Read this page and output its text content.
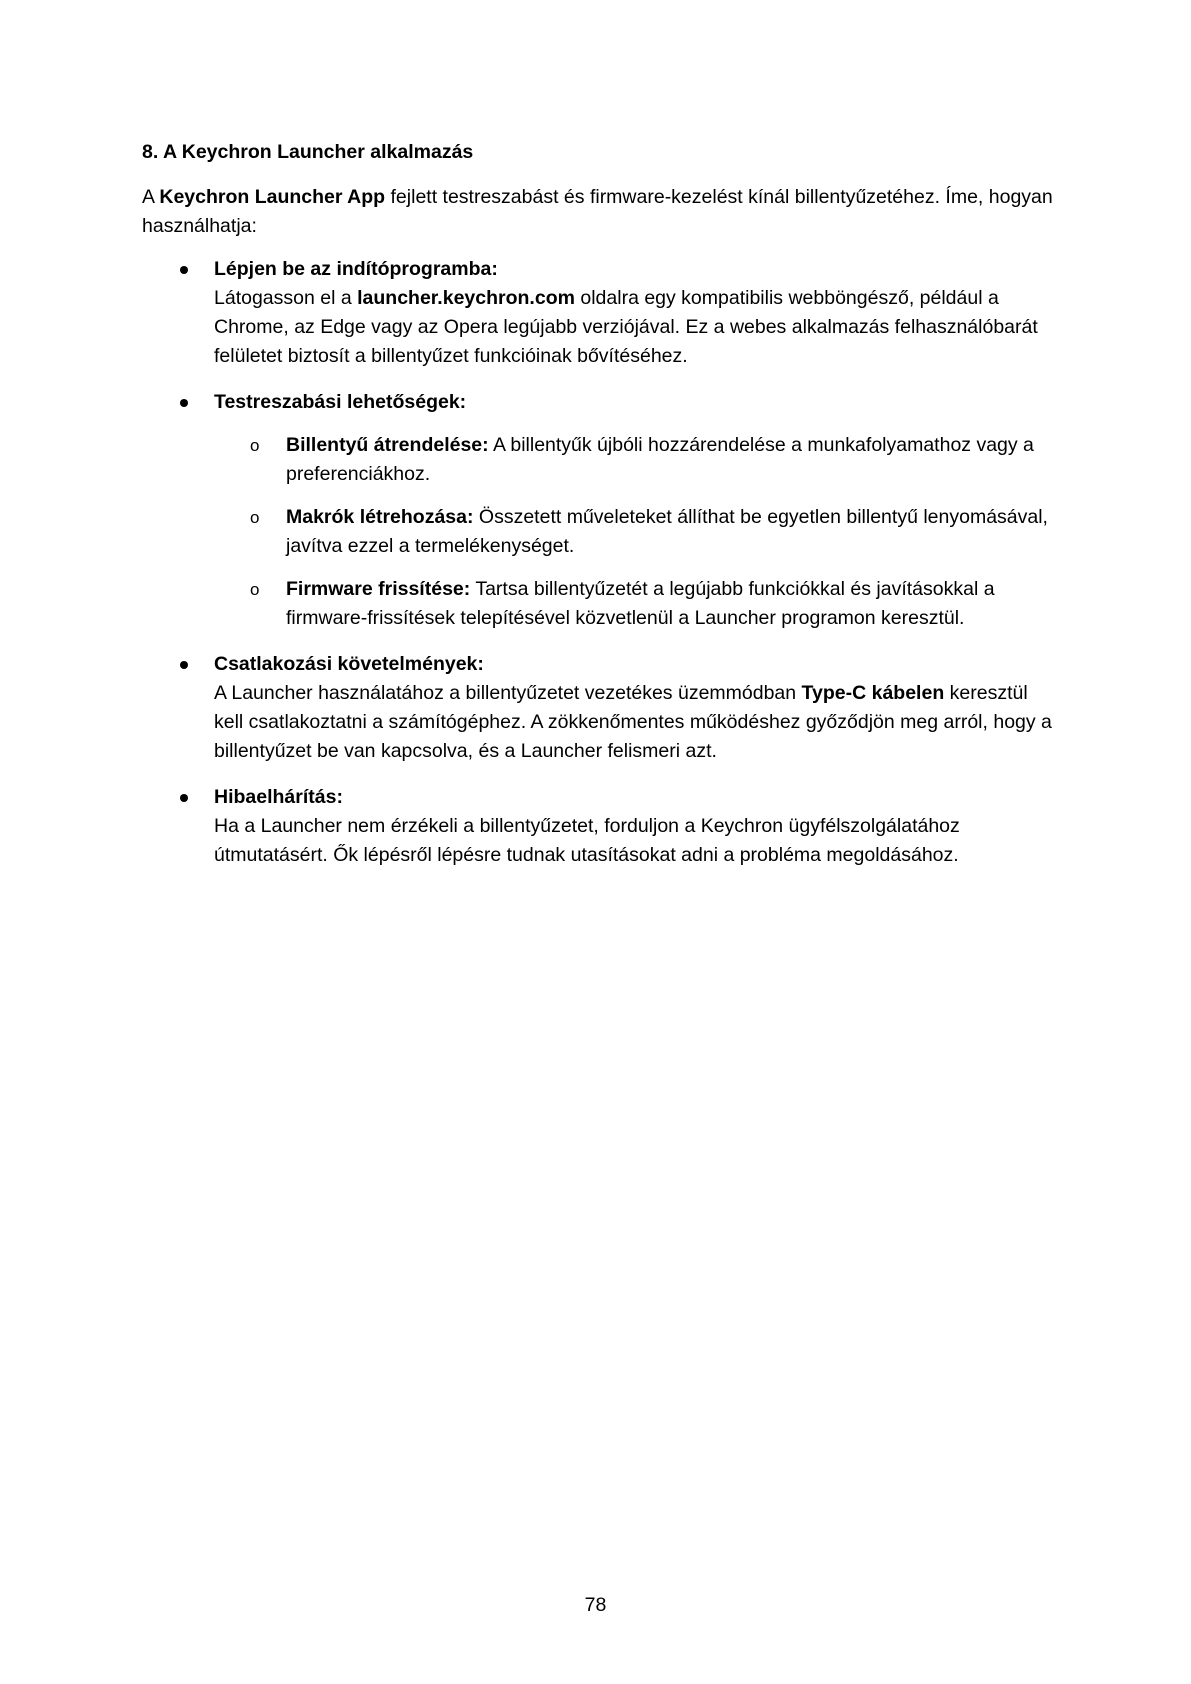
8. A Keychron Launcher alkalmazás

A Keychron Launcher App fejlett testreszabást és firmware-kezelést kínál billentyűzetéhez. Íme, hogyan használhatja:

Lépjen be az indítóprogramba:
Látogasson el a launcher.keychron.com oldalra egy kompatibilis webböngésző, például a Chrome, az Edge vagy az Opera legújabb verziójával. Ez a webes alkalmazás felhasználóbarát felületet biztosít a billentyűzet funkcióinak bővítéséhez.
Testreszabási lehetőségek:
o Billentyű átrendelése: A billentyűk újbóli hozzárendelése a munkafolyamathoz vagy a preferenciákhoz.
o Makrók létrehozása: Összetett műveleteket állíthat be egyetlen billentyű lenyomásával, javítva ezzel a termelékenységet.
o Firmware frissítése: Tartsa billentyűzetét a legújabb funkciókkal és javításokkal a firmware-frissítések telepítésével közvetlenül a Launcher programon keresztül.
Csatlakozási követelmények:
A Launcher használatához a billentyűzetet vezetékes üzemmódban Type-C kábelen keresztül kell csatlakoztatni a számítógéphez. A zökkenőmentes működéshez győződjön meg arról, hogy a billentyűzet be van kapcsolva, és a Launcher felismeri azt.
Hibaelhárítás:
Ha a Launcher nem érzékeli a billentyűzetet, forduljon a Keychron ügyfélszolgálatához útmutatásért. Ők lépésről lépésre tudnak utasításokat adni a probléma megoldásához.
78
